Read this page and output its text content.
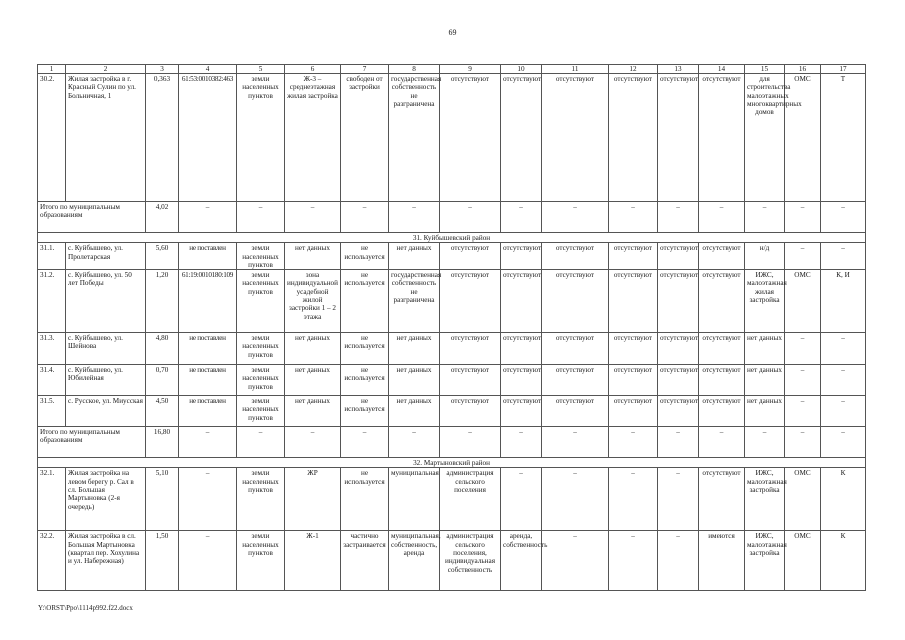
69
1	2	3	4	5	6	7	8	9	10	11	12	13	14	15	16	17
30.2.	Жилая застройка в г. Красный Сулин по ул. Больничная, 1	0,363	61:53:0010382:463	земли населенных пунктов	Ж-3 – среднеэтажная жилая застройка	свободен от застройки	государственная собственность не разграничена	отсутствуют	отсутствуют	отсутствуют	отсутствуют	отсутствуют	отсутствуют	для строительства малоэтажных многоквартирных домов	ОМС	Т
Итого по муниципальным образованиям		4,02	–	–	–	–	–	–	–	–	–	–	–	–	–	–
31. Куйбышевский район																
31.1.	с. Куйбышево, ул. Пролетарская	5,60	не поставлен	земли населенных пунктов	нет данных	не используется	нет данных	отсутствуют	отсутствуют	отсутствуют	отсутствуют	отсутствуют	отсутствуют	н/д	–	–
31.2.	с. Куйбышево, ул. 50 лет Победы	1,20	61:19:0010180:109	земли населенных пунктов	зона индивидуальной усадебной жилой застройки 1 – 2 этажа	не используется	государственная собственность не разграничена	отсутствуют	отсутствуют	отсутствуют	отсутствуют	отсутствуют	отсутствуют	ИЖС, малоэтажная жилая застройка	ОМС	К, И
31.3.	с. Куйбышево, ул. Шейнова	4,80	не поставлен	земли населенных пунктов	нет данных	не используется	нет данных	отсутствуют	отсутствуют	отсутствуют	отсутствуют	отсутствуют	отсутствуют	нет данных	–	–
31.4.	с. Куйбышево, ул. Юбилейная	0,70	не поставлен	земли населенных пунктов	нет данных	не используется	нет данных	отсутствуют	отсутствуют	отсутствуют	отсутствуют	отсутствуют	отсутствуют	нет данных	–	–
31.5.	с. Русское, ул. Миусская	4,50	не поставлен	земли населенных пунктов	нет данных	не используется	нет данных	отсутствуют	отсутствуют	отсутствуют	отсутствуют	отсутствуют	отсутствуют	нет данных	–	–
Итого по муниципальным образованиям		16,80	–	–	–	–	–	–	–	–	–	–	–	–	–	–
32. Мартыновский район																
32.1.	Жилая застройка на левом берегу р. Сал в сл. Большая Мартыновка (2-я очередь)	5,10	–	земли населенных пунктов	ЖР	не используется	муниципальная	администрация сельского поселения	–	–	–	–	отсутствуют	ИЖС, малоэтажная застройка	ОМС	К
32.2.	Жилая застройка в сл. Большая Мартыновка (квартал пер. Хохулина и ул. Набережная)	1,50	–	земли населенных пунктов	Ж-1	частично застраивается	муниципальная, собственность, аренда	администрация сельского поселения, индивидуальная собственность	аренда, собственность	–	–	–	имеются	ИЖС, малоэтажная застройка	ОМС	К
Y:\ORST\Ppo\1114p992.f22.docx
